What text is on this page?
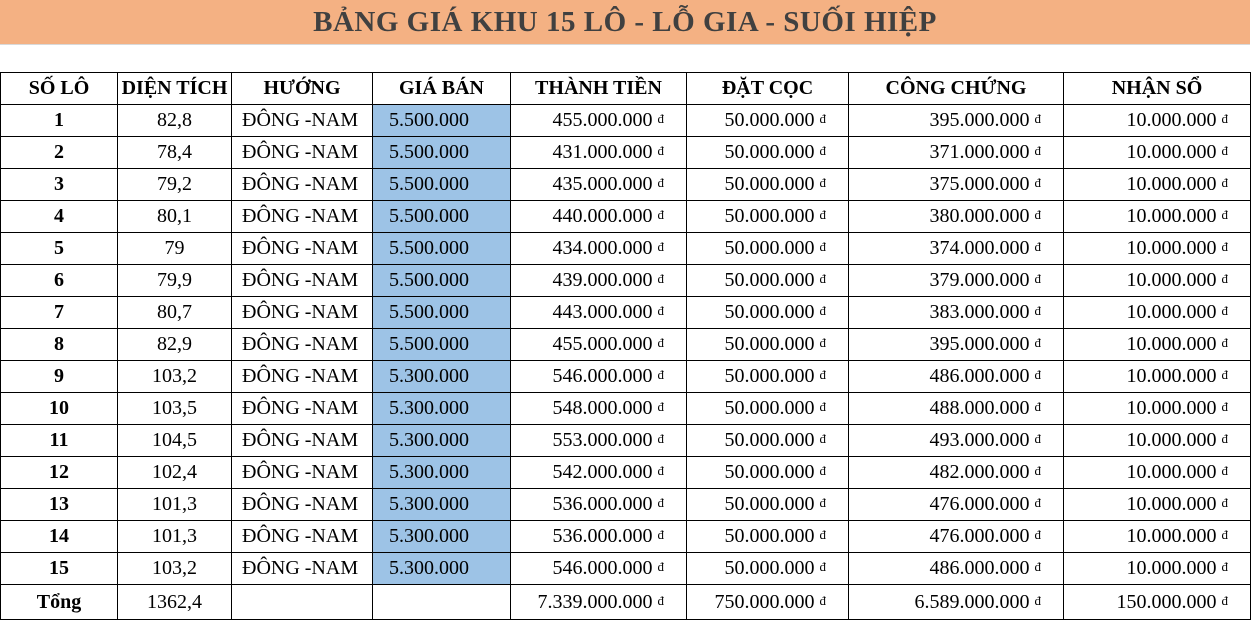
BẢNG GIÁ KHU 15 LÔ - LỖ GIA - SUỐI HIỆP
SỐ LÔ	DIỆN TÍCH	HƯỚNG	GIÁ BÁN	THÀNH TIỀN	ĐẶT CỌC	CÔNG CHỨNG	NHẬN SỔ
1	82,8	ĐÔNG -NAM	5.500.000	455.000.000 $^đ$	50.000.000 $^đ$	395.000.000 $^đ$	10.000.000 $^đ$
2	78,4	ĐÔNG -NAM	5.500.000	431.000.000 $^đ$	50.000.000 $^đ$	371.000.000 $^đ$	10.000.000 $^đ$
3	79,2	ĐÔNG -NAM	5.500.000	435.000.000 $^đ$	50.000.000 $^đ$	375.000.000 $^đ$	10.000.000 $^đ$
4	80,1	ĐÔNG -NAM	5.500.000	440.000.000 $^đ$	50.000.000 $^đ$	380.000.000 $^đ$	10.000.000 $^đ$
5	79	ĐÔNG -NAM	5.500.000	434.000.000 $^đ$	50.000.000 $^đ$	374.000.000 $^đ$	10.000.000 $^đ$
6	79,9	ĐÔNG -NAM	5.500.000	439.000.000 $^đ$	50.000.000 $^đ$	379.000.000 $^đ$	10.000.000 $^đ$
7	80,7	ĐÔNG -NAM	5.500.000	443.000.000 $^đ$	50.000.000 $^đ$	383.000.000 $^đ$	10.000.000 $^đ$
8	82,9	ĐÔNG -NAM	5.500.000	455.000.000 $^đ$	50.000.000 $^đ$	395.000.000 $^đ$	10.000.000 $^đ$
9	103,2	ĐÔNG -NAM	5.300.000	546.000.000 $^đ$	50.000.000 $^đ$	486.000.000 $^đ$	10.000.000 $^đ$
10	103,5	ĐÔNG -NAM	5.300.000	548.000.000 $^đ$	50.000.000 $^đ$	488.000.000 $^đ$	10.000.000 $^đ$
11	104,5	ĐÔNG -NAM	5.300.000	553.000.000 $^đ$	50.000.000 $^đ$	493.000.000 $^đ$	10.000.000 $^đ$
12	102,4	ĐÔNG -NAM	5.300.000	542.000.000 $^đ$	50.000.000 $^đ$	482.000.000 $^đ$	10.000.000 $^đ$
13	101,3	ĐÔNG -NAM	5.300.000	536.000.000 $^đ$	50.000.000 $^đ$	476.000.000 $^đ$	10.000.000 $^đ$
14	101,3	ĐÔNG -NAM	5.300.000	536.000.000 $^đ$	50.000.000 $^đ$	476.000.000 $^đ$	10.000.000 $^đ$
15	103,2	ĐÔNG -NAM	5.300.000	546.000.000 $^đ$	50.000.000 $^đ$	486.000.000 $^đ$	10.000.000 $^đ$
Tổng	1362,4			7.339.000.000 $^đ$	750.000.000 $^đ$	6.589.000.000 $^đ$	150.000.000 $^đ$
